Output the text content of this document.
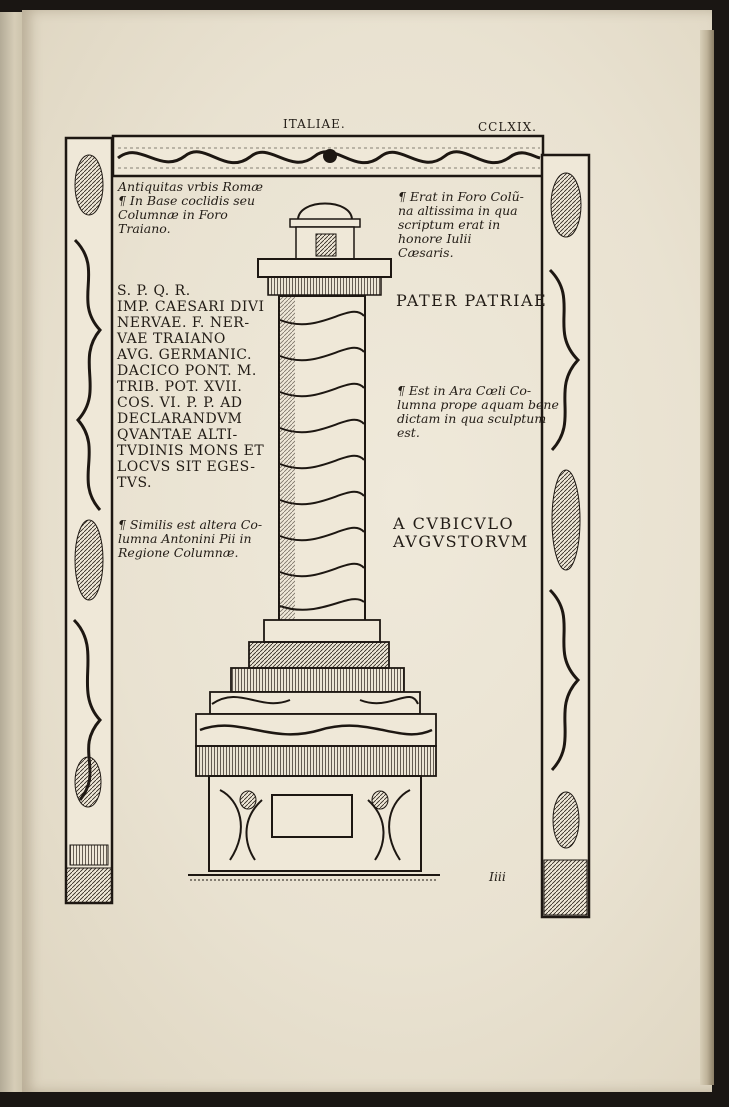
ITALIAE.	CCLXIX.
Antiquitas vrbis Romæ
¶ In Base coclidis seu
Columnæ in Foro
Traiano.
¶ Erat in Foro Colũ-
na altissima in qua
scriptum erat in
honore Iulii
Cæsaris.
S. P. Q. R.
IMP. CAESARI DIVI
NERVAE. F. NER-
VAE TRAIANO
AVG. GERMANIC.
DACICO PONT. M.
TRIB. POT. XVII.
COS. VI. P. P. AD
DECLARANDVM
QVANTAE ALTI-
TVDINIS MONS ET
LOCVS SIT EGES-
TVS.
PATER PATRIAE
¶ Est in Ara Cœli Co-
lumna prope aquam bene
dictam in qua sculptum
est.
¶ Similis est altera Co-
lumna Antonini Pii in
Regione Columnæ.
A CVBICVLO
AVGVSTORVM
Iiii
